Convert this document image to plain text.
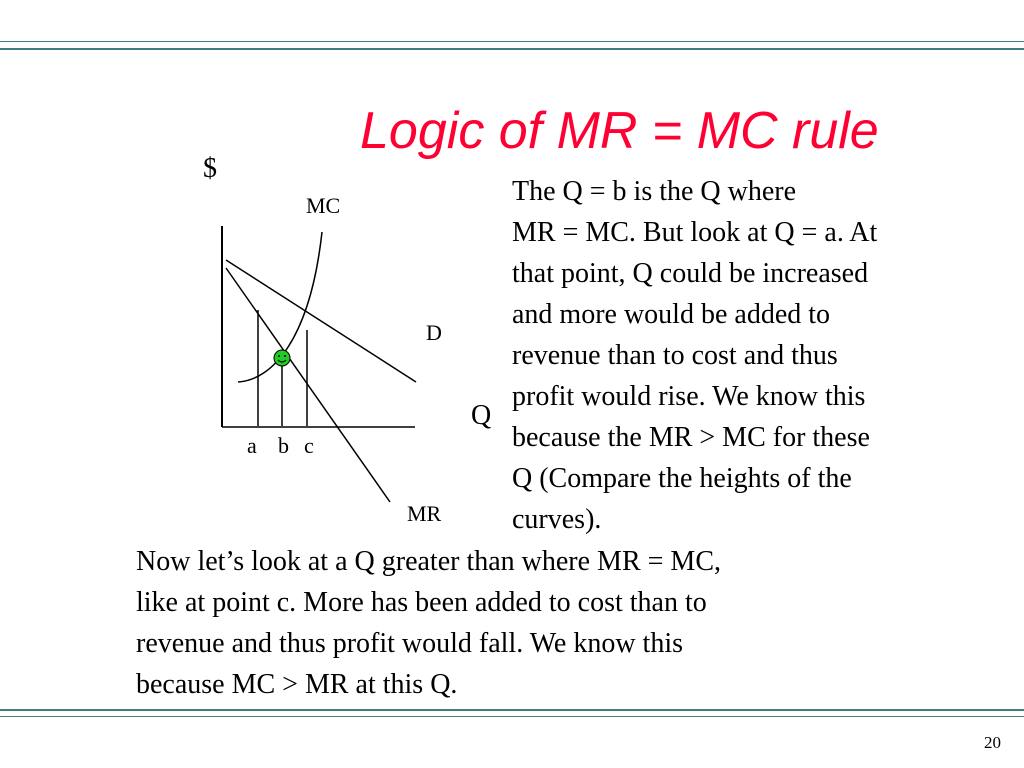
Logic of MR = MC rule
$
MC
D
MR
Q
a b c
The Q = b is the Q where
MR = MC. But look at Q = a. At
that point, Q could be increased
and more would be added to
revenue than to cost and thus
profit would rise. We know this
because the MR > MC for these
Q (Compare the heights of the
curves).
Now let’s look at a Q greater than where MR = MC,
like at point c. More has been added to cost than to
revenue and thus profit would fall. We know this
because MC > MR at this Q.
20
